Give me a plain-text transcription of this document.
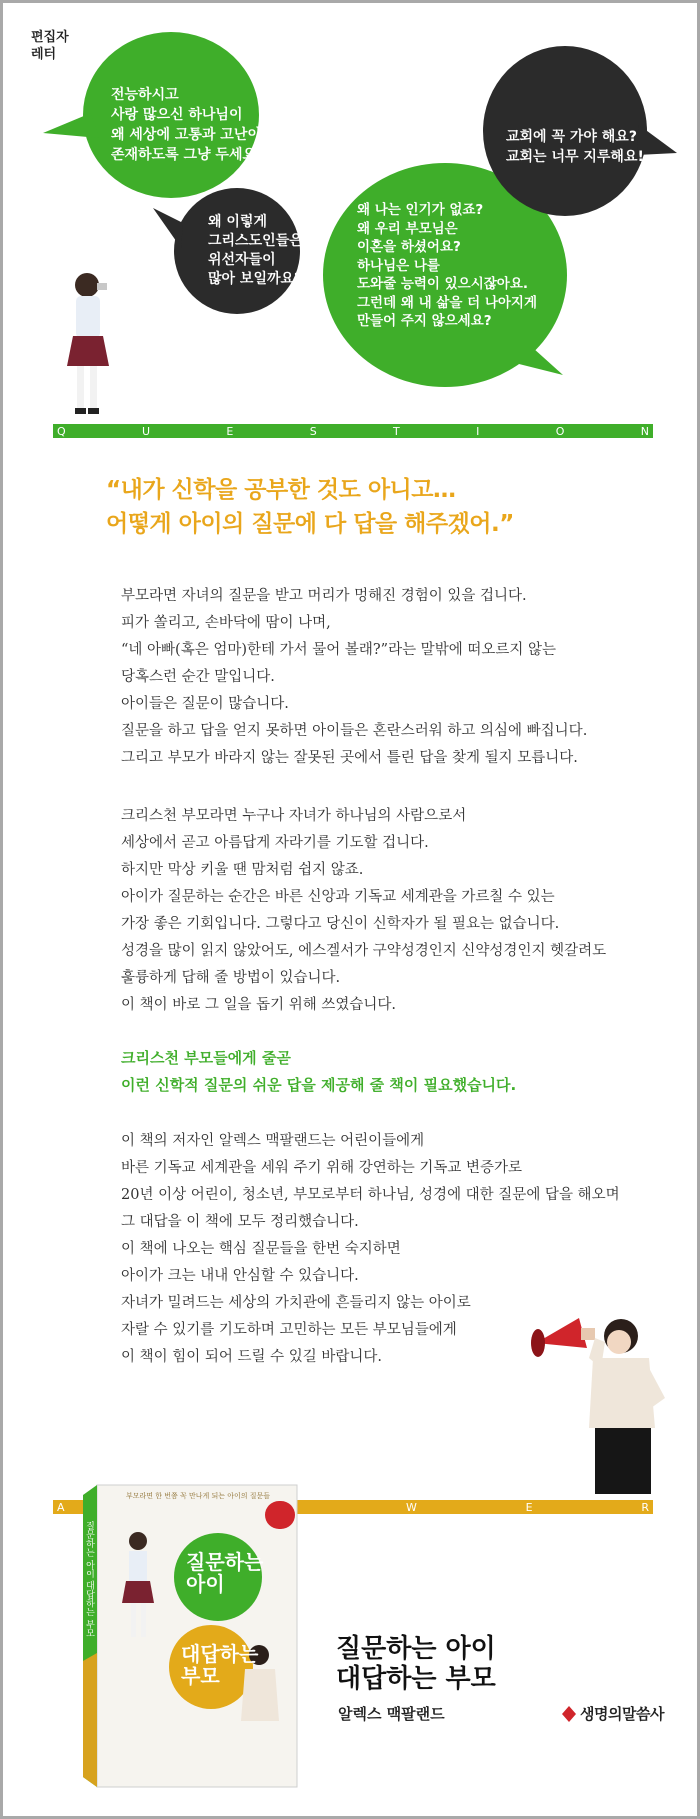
편집자
레터
전능하시고
사랑 많으신 하나님이
왜 세상에 고통과 고난이
존재하도록 그냥 두세요?
왜 이렇게
그리스도인들은
위선자들이
많아 보일까요?
왜 나는 인기가 없죠?
왜 우리 부모님은
이혼을 하셨어요?
하나님은 나를
도와줄 능력이 있으시잖아요.
그런데 왜 내 삶을 더 나아지게
만들어 주지 않으세요?
교회에 꼭 가야 해요?
교회는 너무 지루해요!
Q	U	E	S	T	I	O	N
“내가 신학을 공부한 것도 아니고…
어떻게 아이의 질문에 다 답을 해주겠어.”
부모라면 자녀의 질문을 받고 머리가 멍해진 경험이 있을 겁니다.
피가 쏠리고, 손바닥에 땀이 나며,
“네 아빠(혹은 엄마)한테 가서 물어 볼래?”라는 말밖에 떠오르지 않는
당혹스런 순간 말입니다.
아이들은 질문이 많습니다.
질문을 하고 답을 얻지 못하면 아이들은 혼란스러워 하고 의심에 빠집니다.
그리고 부모가 바라지 않는 잘못된 곳에서 틀린 답을 찾게 될지 모릅니다.
크리스천 부모라면 누구나 자녀가 하나님의 사람으로서
세상에서 곧고 아름답게 자라기를 기도할 겁니다.
하지만 막상 키울 땐 맘처럼 쉽지 않죠.
아이가 질문하는 순간은 바른 신앙과 기독교 세계관을 가르칠 수 있는
가장 좋은 기회입니다. 그렇다고 당신이 신학자가 될 필요는 없습니다.
성경을 많이 읽지 않았어도, 에스겔서가 구약성경인지 신약성경인지 헷갈려도
훌륭하게 답해 줄 방법이 있습니다.
이 책이 바로 그 일을 돕기 위해 쓰였습니다.
크리스천 부모들에게 줄곧
이런 신학적 질문의 쉬운 답을 제공해 줄 책이 필요했습니다.
이 책의 저자인 알렉스 맥팔랜드는 어린이들에게
바른 기독교 세계관을 세워 주기 위해 강연하는 기독교 변증가로
20년 이상 어린이, 청소년, 부모로부터 하나님, 성경에 대한 질문에 답을 해오며
그 대답을 이 책에 모두 정리했습니다.
이 책에 나오는 핵심 질문들을 한번 숙지하면
아이가 크는 내내 안심할 수 있습니다.
자녀가 밀려드는 세상의 가치관에 흔들리지 않는 아이로
자랄 수 있기를 기도하며 고민하는 모든 부모님들에게
이 책이 힘이 되어 드릴 수 있길 바랍니다.
A	W	E	R
부모라면 한 번쯤 꼭 만나게 되는 아이의 질문들
질문하는
아이
대답하는
부모
질문하는 아이 대답하는 부모
질문하는 아이
대답하는 부모
알렉스 맥팔랜드	생명의말씀사
